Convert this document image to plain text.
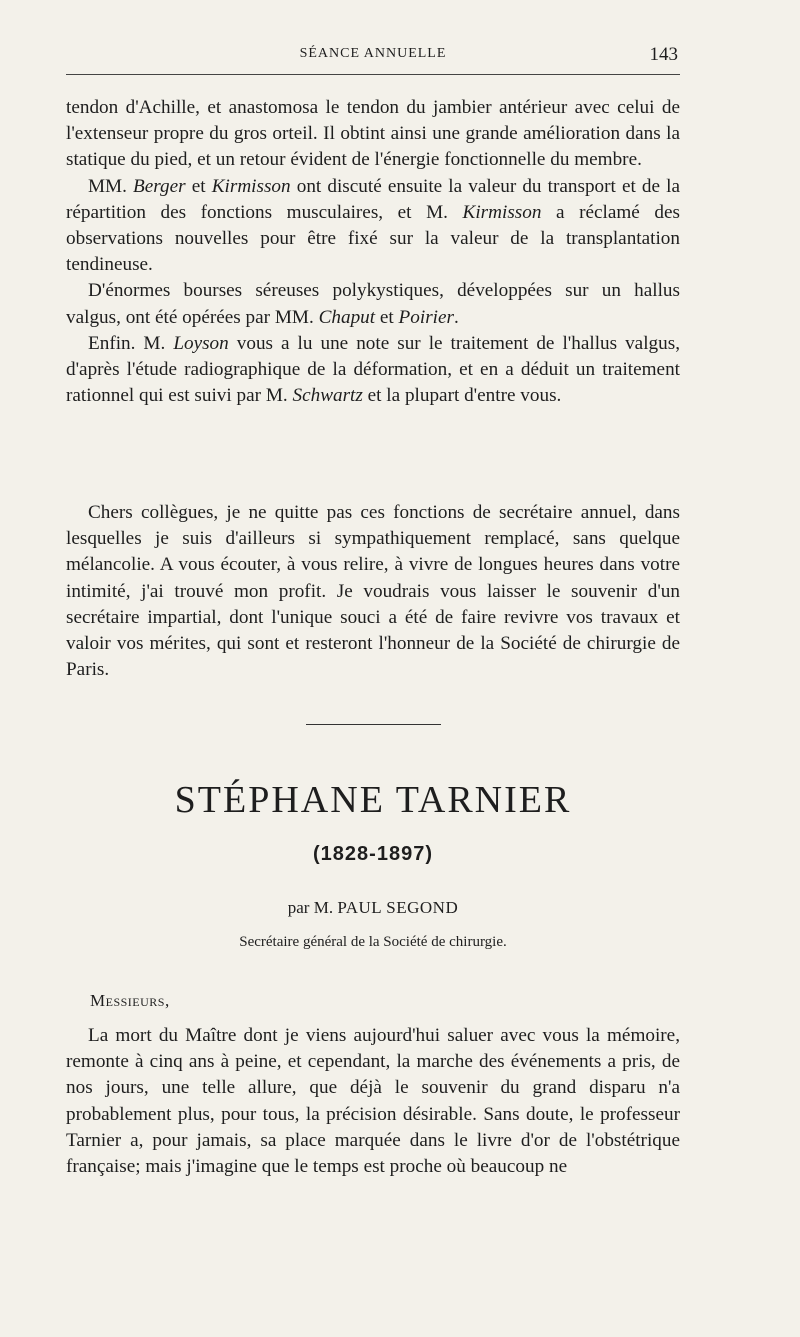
SÉANCE ANNUELLE	143

tendon d'Achille, et anastomosa le tendon du jambier antérieur avec celui de l'extenseur propre du gros orteil. Il obtint ainsi une grande amélioration dans la statique du pied, et un retour évident de l'énergie fonctionnelle du membre.

MM. Berger et Kirmisson ont discuté ensuite la valeur du transport et de la répartition des fonctions musculaires, et M. Kirmisson a réclamé des observations nouvelles pour être fixé sur la valeur de la transplantation tendineuse.

D'énormes bourses séreuses polykystiques, développées sur un hallus valgus, ont été opérées par MM. Chaput et Poirier.

Enfin. M. Loyson vous a lu une note sur le traitement de l'hallus valgus, d'après l'étude radiographique de la déformation, et en a déduit un traitement rationnel qui est suivi par M. Schwartz et la plupart d'entre vous.

Chers collègues, je ne quitte pas ces fonctions de secrétaire annuel, dans lesquelles je suis d'ailleurs si sympathiquement remplacé, sans quelque mélancolie. A vous écouter, à vous relire, à vivre de longues heures dans votre intimité, j'ai trouvé mon profit. Je voudrais vous laisser le souvenir d'un secrétaire impartial, dont l'unique souci a été de faire revivre vos travaux et valoir vos mérites, qui sont et resteront l'honneur de la Société de chirurgie de Paris.

STÉPHANE TARNIER
(1828-1897)
par M. PAUL SEGOND
Secrétaire général de la Société de chirurgie.
Messieurs,

La mort du Maître dont je viens aujourd'hui saluer avec vous la mémoire, remonte à cinq ans à peine, et cependant, la marche des événements a pris, de nos jours, une telle allure, que déjà le souvenir du grand disparu n'a probablement plus, pour tous, la précision désirable. Sans doute, le professeur Tarnier a, pour jamais, sa place marquée dans le livre d'or de l'obstétrique française; mais j'imagine que le temps est proche où beaucoup ne
